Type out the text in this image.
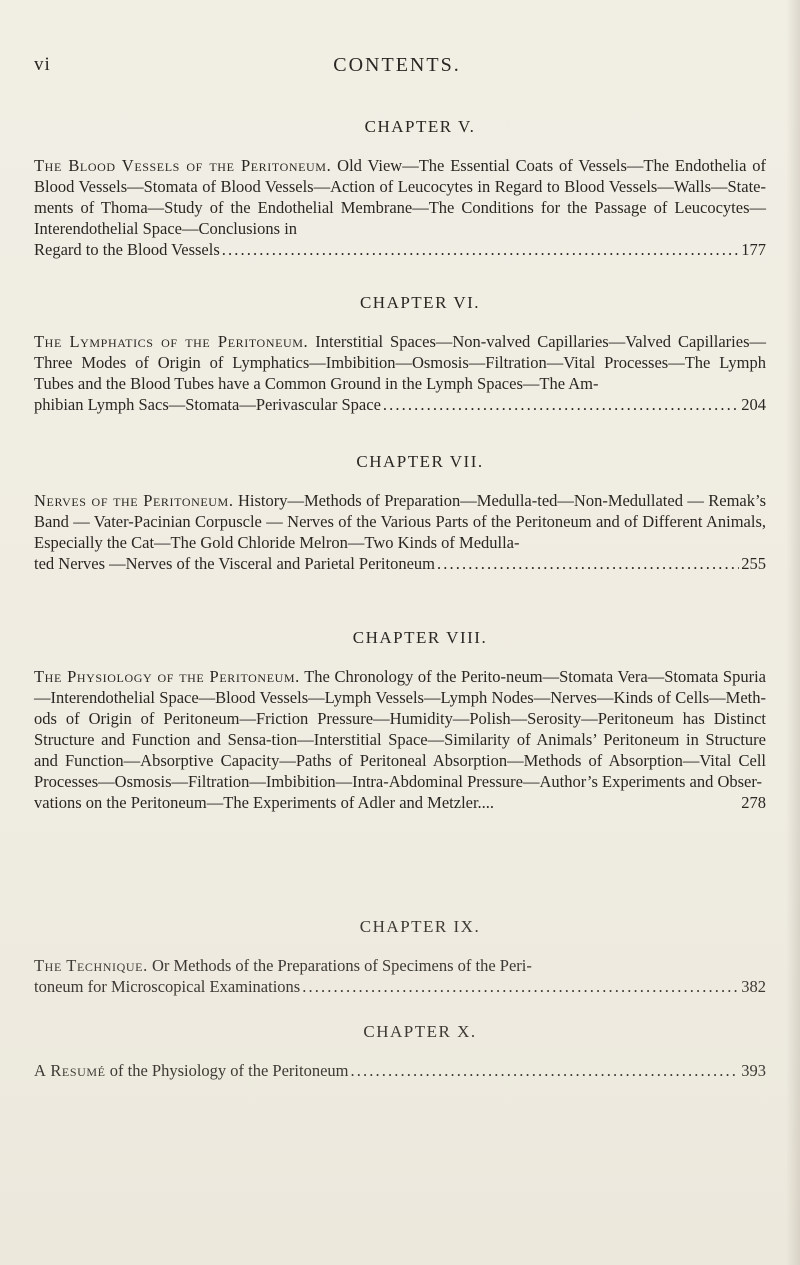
vi	CONTENTS.
CHAPTER V.
The Blood Vessels of the Peritoneum. Old View—The Essential Coats of Vessels—The Endothelia of Blood Vessels—Stomata of Blood Vessels—Action of Leucocytes in Regard to Blood Vessels—Walls—State-ments of Thoma—Study of the Endothelial Membrane—The Conditions for the Passage of Leucocytes—Interendothelial Space—Conclusions in
Regard to the Blood Vessels . . .	177
CHAPTER VI.
The Lymphatics of the Peritoneum. Interstitial Spaces—Non-valved Capillaries—Valved Capillaries—Three Modes of Origin of Lymphatics—Imbibition—Osmosis—Filtration—Vital Processes—The Lymph Tubes and the Blood Tubes have a Common Ground in the Lymph Spaces—The Am-
phibian Lymph Sacs—Stomata—Perivascular Space . . .	204
CHAPTER VII.
Nerves of the Peritoneum. History—Methods of Preparation—Medulla-ted—Non-Medullated — Remak’s Band — Vater-Pacinian Corpuscle — Nerves of the Various Parts of the Peritoneum and of Different Animals, Especially the Cat—The Gold Chloride Melron—Two Kinds of Medulla-
ted Nerves —Nerves of the Visceral and Parietal Peritoneum . . .	255
CHAPTER VIII.
The Physiology of the Peritoneum. The Chronology of the Perito-neum—Stomata Vera—Stomata Spuria—Interendothelial Space—Blood Vessels—Lymph Vessels—Lymph Nodes—Nerves—Kinds of Cells—Meth-ods of Origin of Peritoneum—Friction Pressure—Humidity—Polish—Serosity—Peritoneum has Distinct Structure and Function and Sensa-tion—Interstitial Space—Similarity of Animals’ Peritoneum in Structure and Function—Absorptive Capacity—Paths of Peritoneal Absorption—Methods of Absorption—Vital Cell Processes—Osmosis—Filtration—Imbibition—Intra-Abdominal Pressure—Author’s Experiments and Obser-
vations on the Peritoneum—The Experiments of Adler and Metzler....	278
CHAPTER IX.
The Technique. Or Methods of the Preparations of Specimens of the Peri-
toneum for Microscopical Examinations . . .	382
CHAPTER X.
A Resumé of the Physiology of the Peritoneum . . .	393
